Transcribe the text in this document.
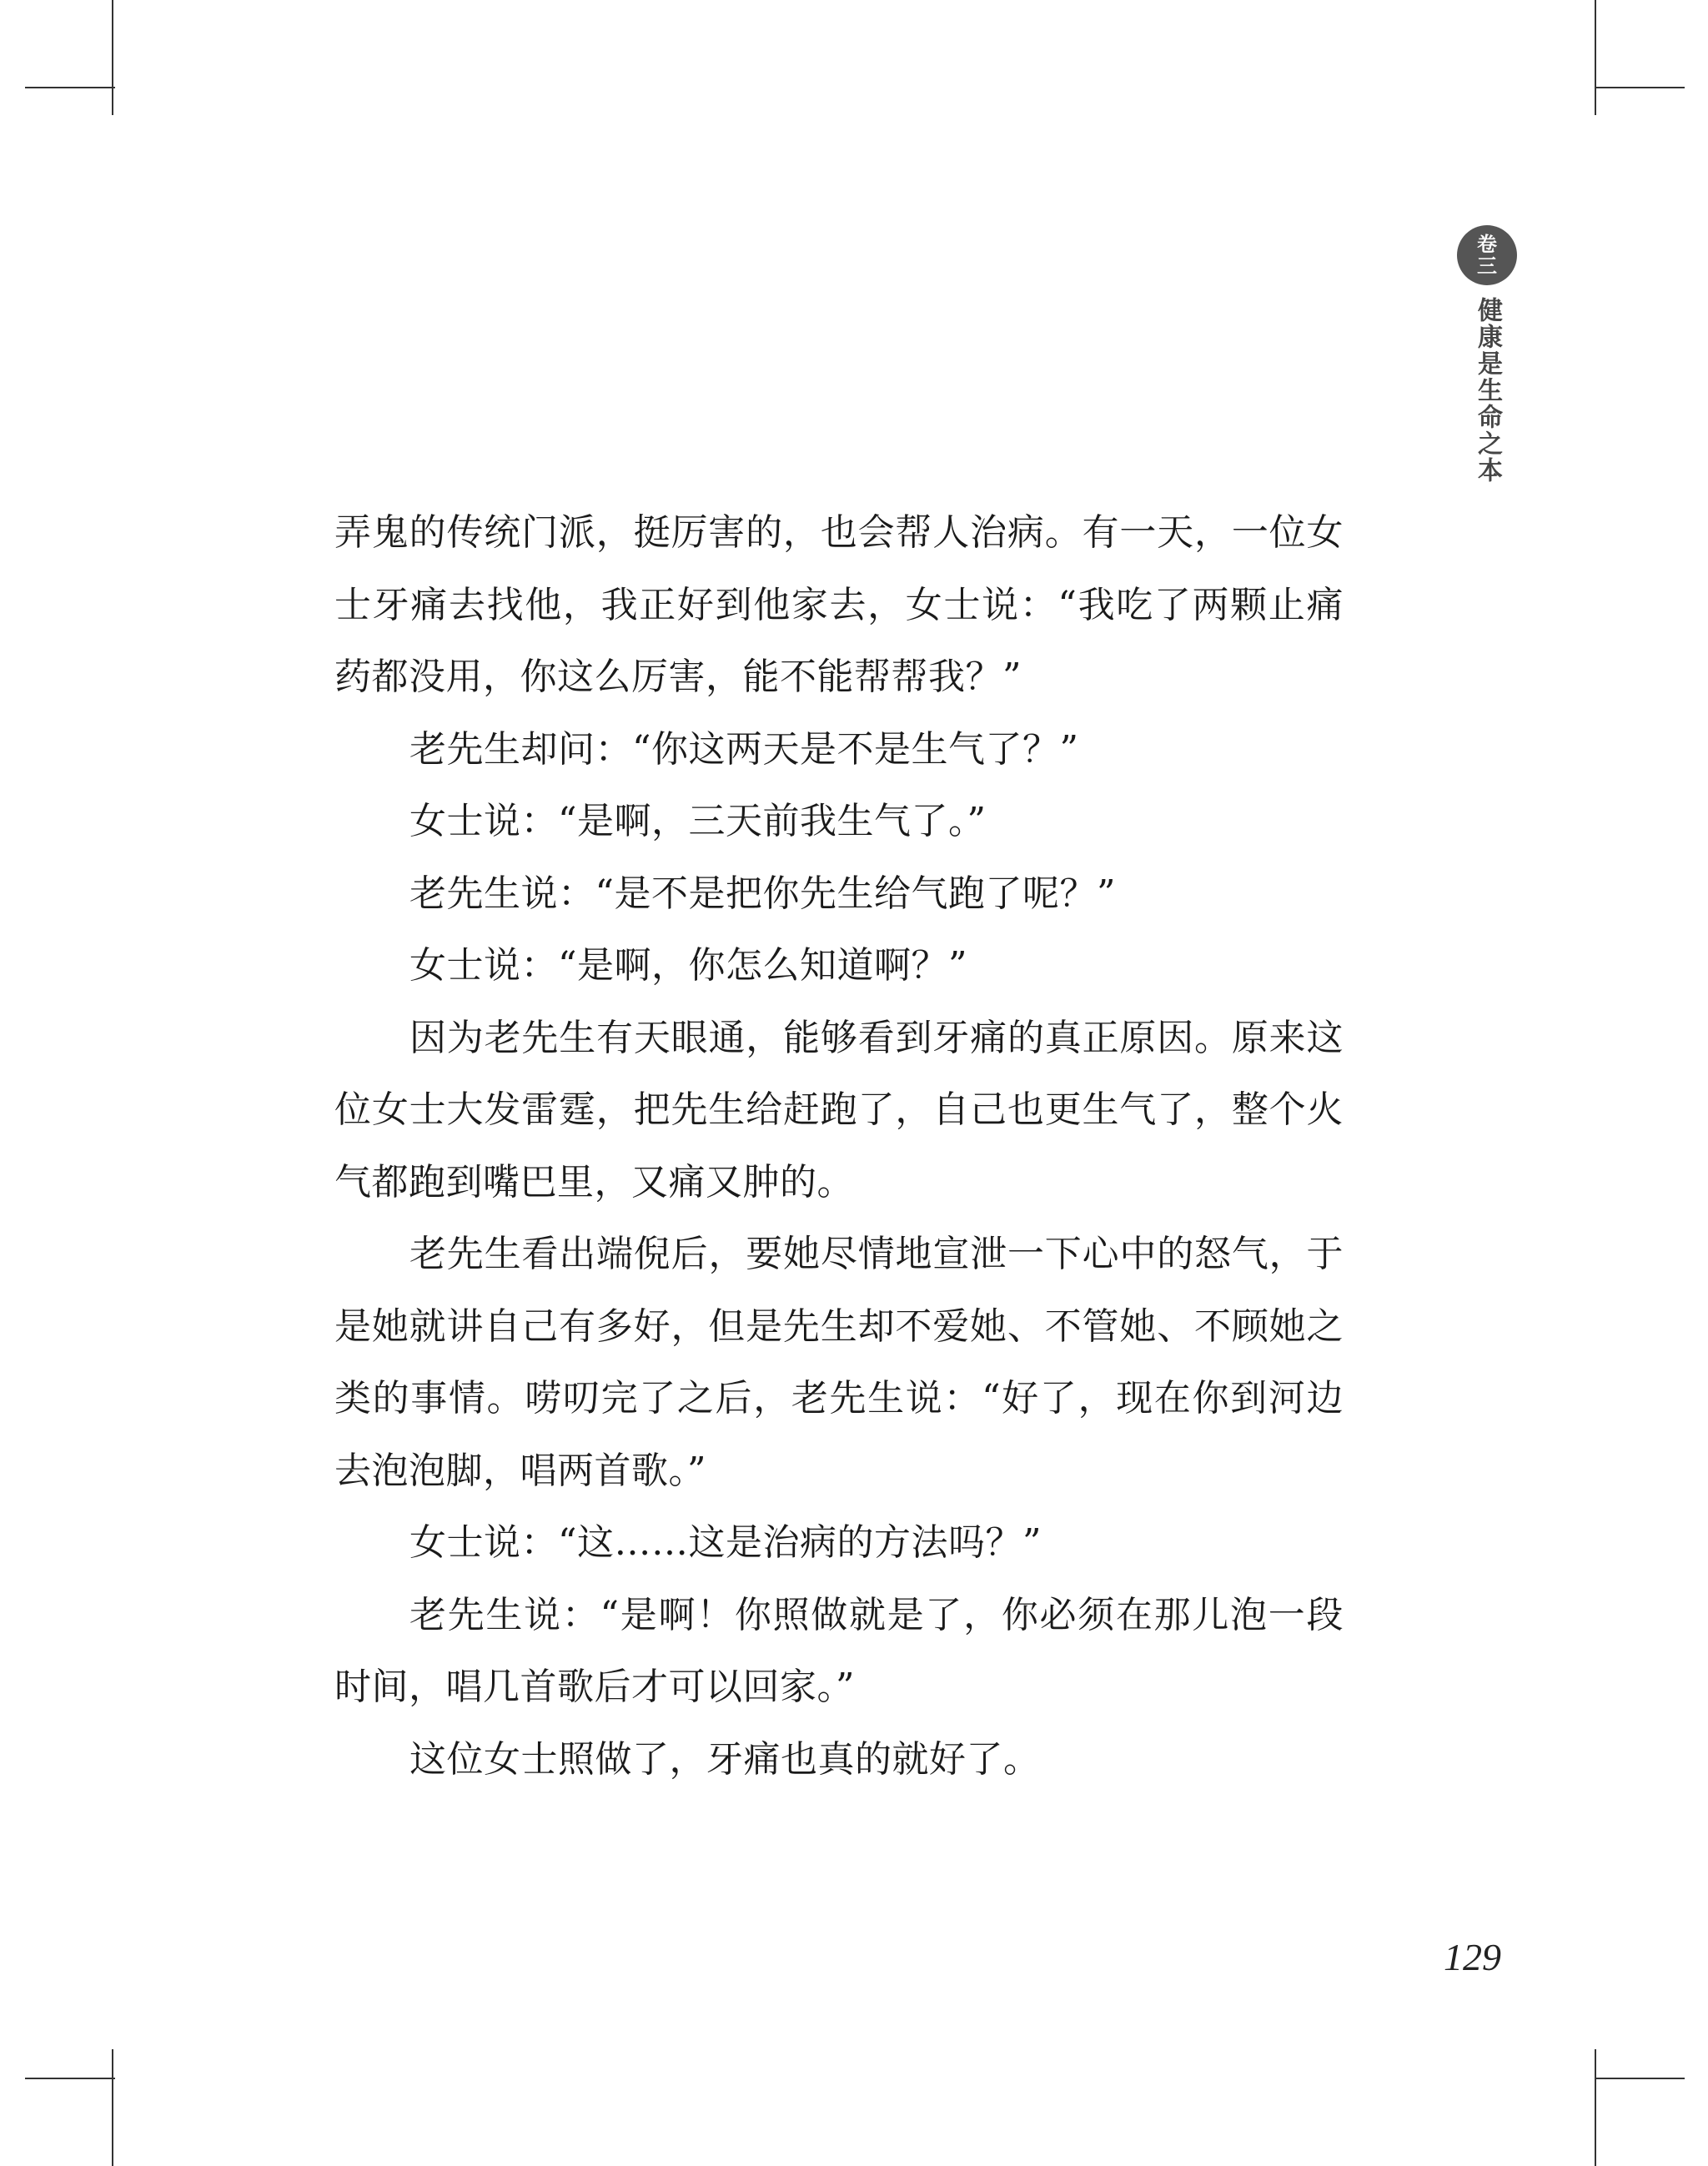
卷
三
健康是生命之本

弄鬼的传统门派，挺厉害的，也会帮人治病。有一天，一位女士牙痛去找他，我正好到他家去，女士说：“我吃了两颗止痛药都没用，你这么厉害，能不能帮帮我？”

老先生却问：“你这两天是不是生气了？”

女士说：“是啊，三天前我生气了。”

老先生说：“是不是把你先生给气跑了呢？”

女士说：“是啊，你怎么知道啊？”

因为老先生有天眼通，能够看到牙痛的真正原因。原来这位女士大发雷霆，把先生给赶跑了，自己也更生气了，整个火气都跑到嘴巴里，又痛又肿的。

老先生看出端倪后，要她尽情地宣泄一下心中的怒气，于是她就讲自己有多好，但是先生却不爱她、不管她、不顾她之类的事情。唠叨完了之后，老先生说：“好了，现在你到河边去泡泡脚，唱两首歌。”

女士说：“这……这是治病的方法吗？”

老先生说：“是啊！你照做就是了，你必须在那儿泡一段时间，唱几首歌后才可以回家。”

这位女士照做了，牙痛也真的就好了。

129
